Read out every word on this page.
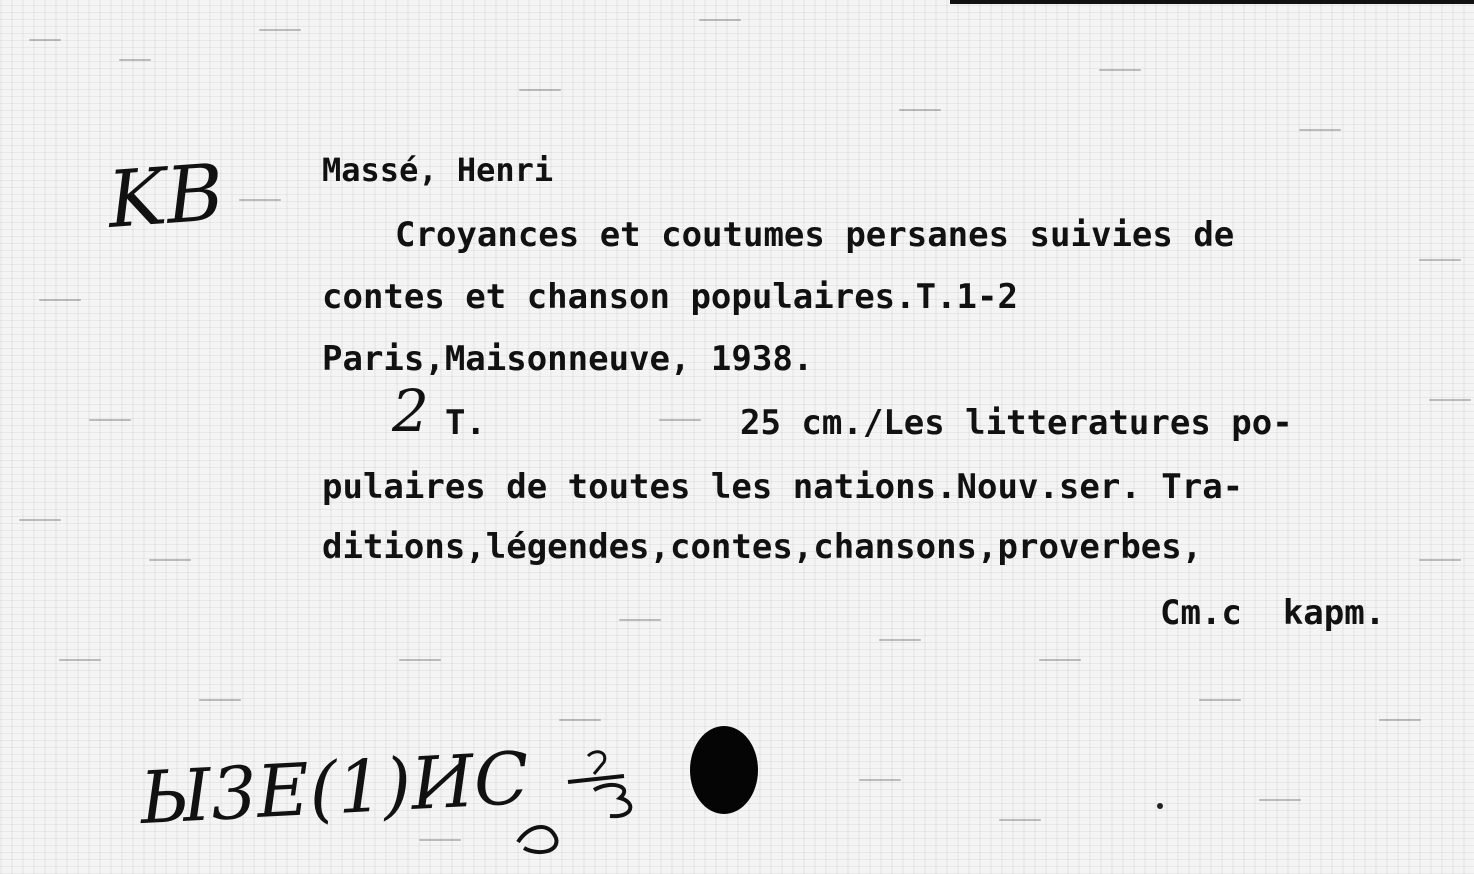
KB	Massé, Henri
Croyances et coutumes persanes suivies de
contes et chanson populaires.T.1-2
Paris,Maisonneuve, 1938.
2 T.	25 cm./Les litteratures po-
pulaires de toutes les nations.Nouv.ser. Tra-
ditions,légendes,contes,chansons,proverbes,
Cm.c  kapm.
Ы3Е(1)ИС
